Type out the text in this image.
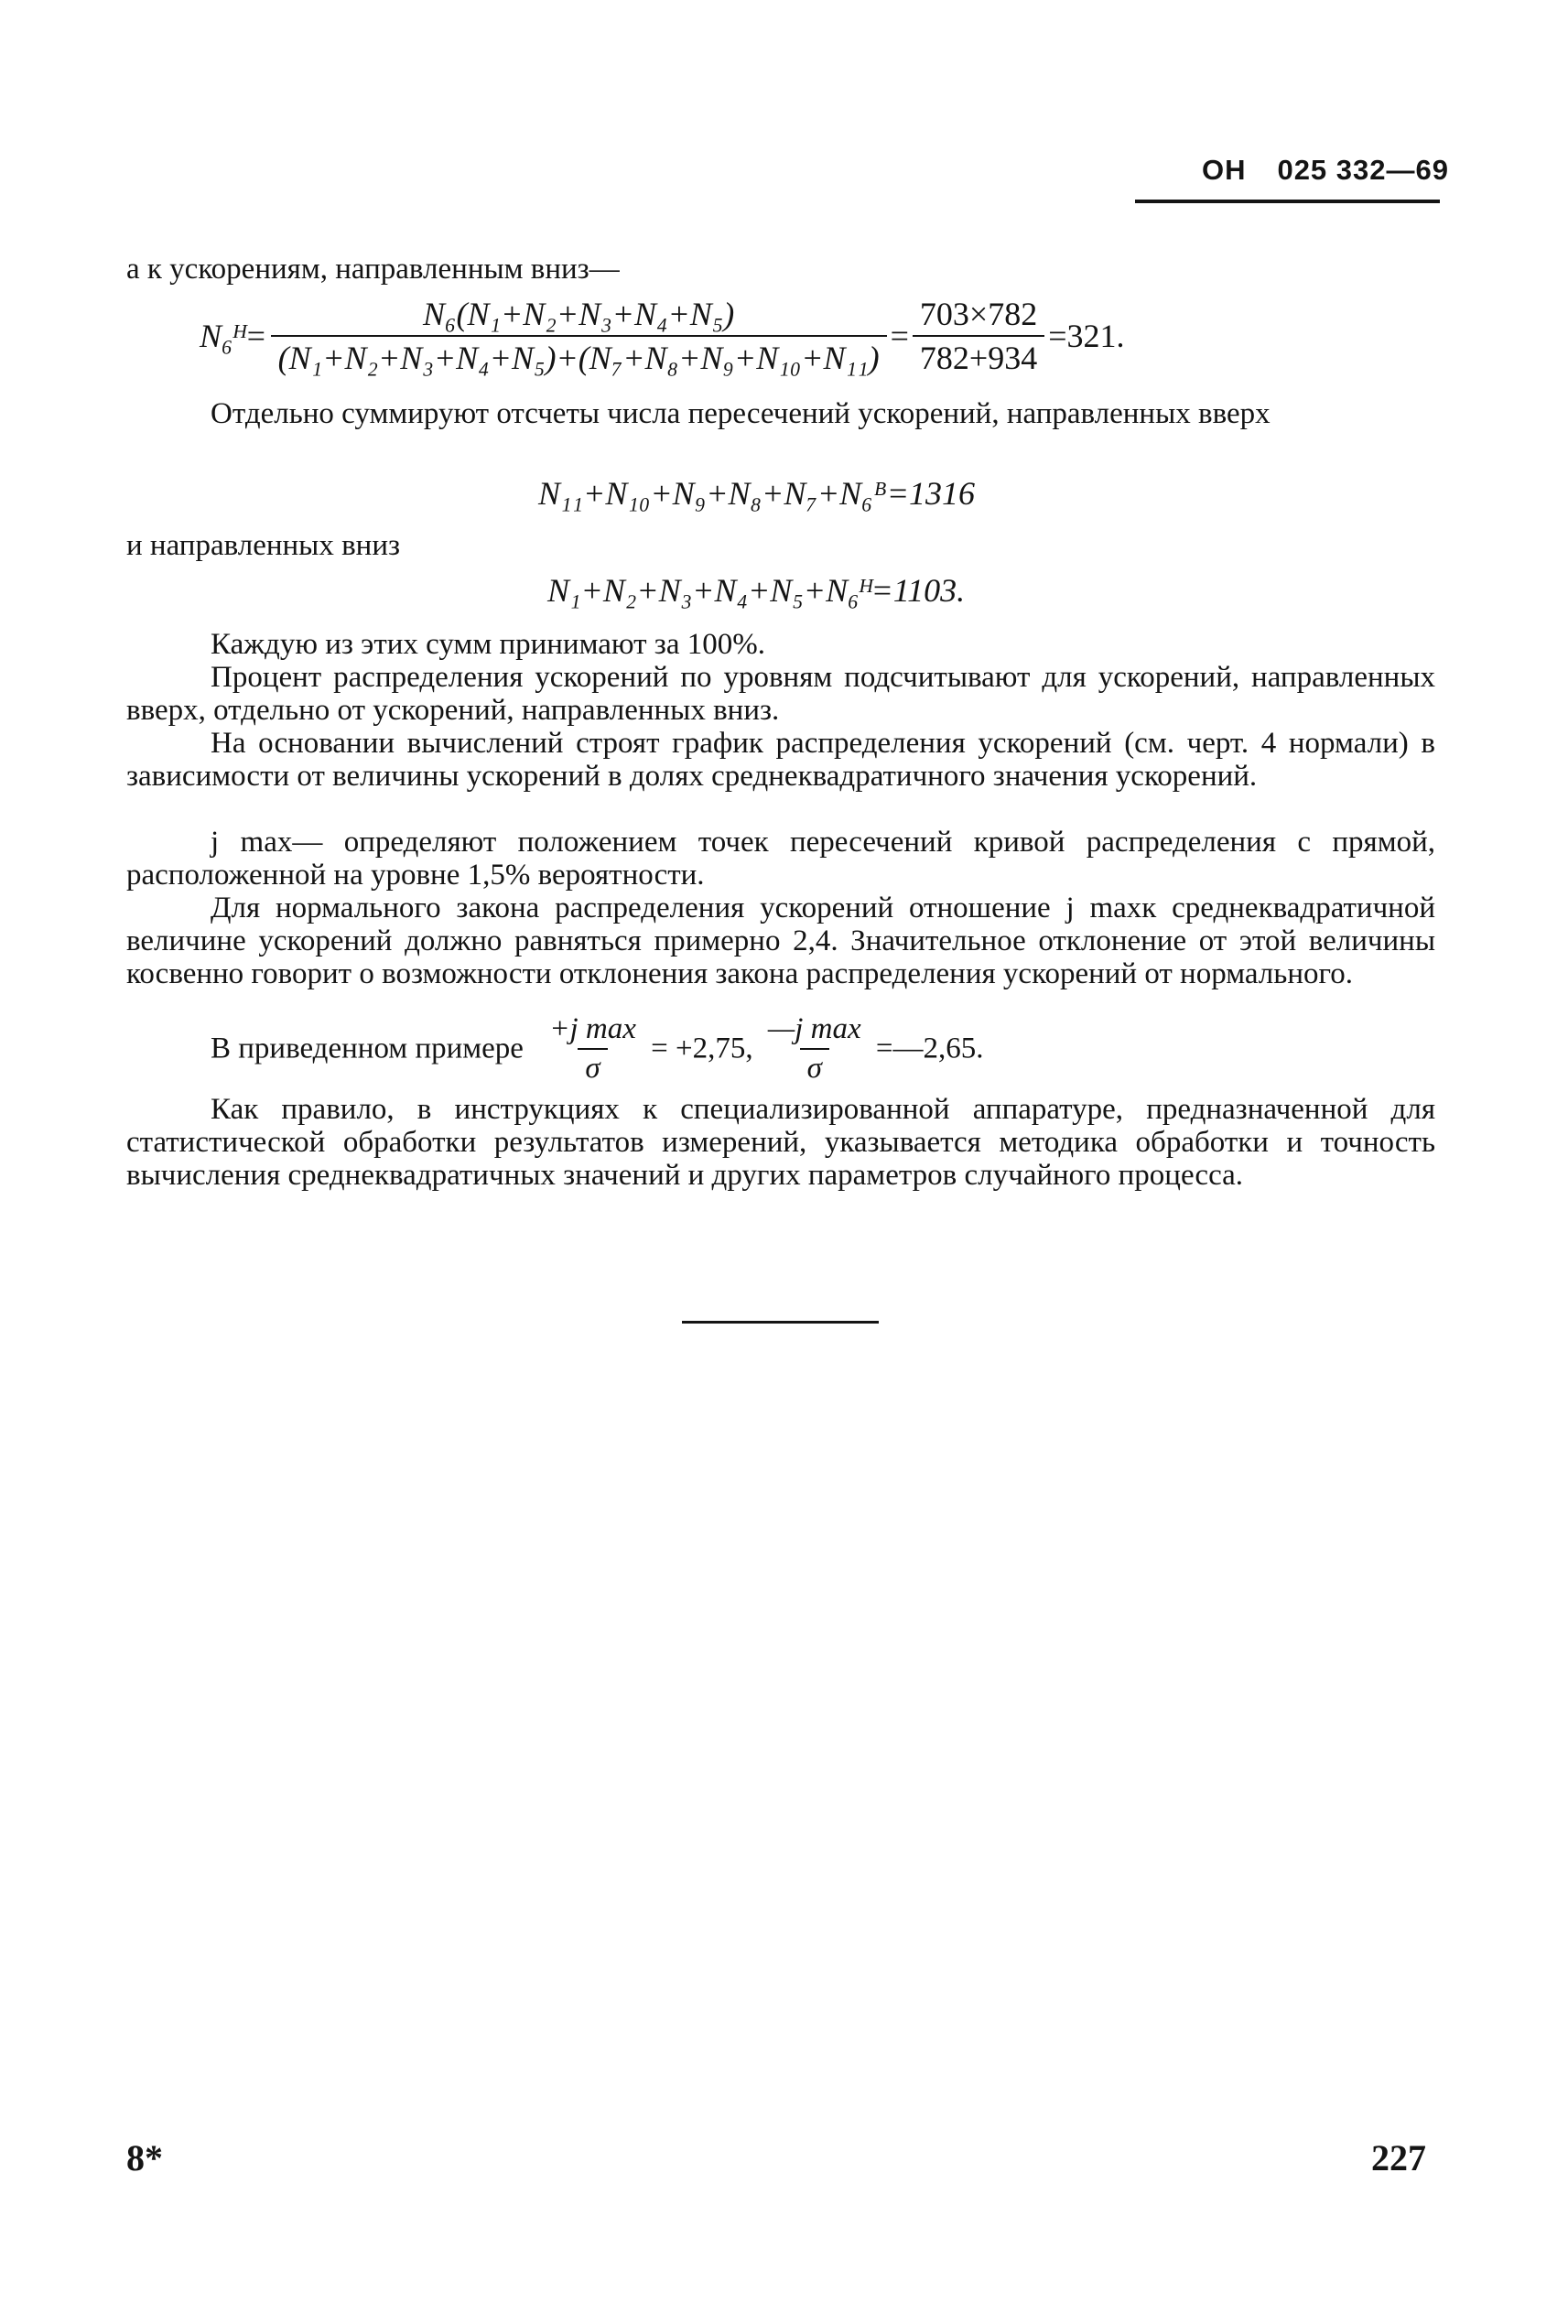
ОН 025 332—69
а к ускорениям, направленным вниз—
N₆ᴴ= $\frac{\text{N₆(N₁+N₂+N₃+N₄+N₅)}}{\text{(N₁+N₂+N₃+N₄+N₅)+(N₇+N₈+N₉+N₁₀+N₁₁)}} = \frac{703\times 782}{782+934} =321$.
Отдельно суммируют отсчеты числа пересечений ускорений, направленных вверх
N₁₁+N₁₀+N₉+N₈+N₇+N₆ᴮ=1316
и направленных вниз
N₁+N₂+N₃+N₄+N₅+N₆ᴴ=1103.
Каждую из этих сумм принимают за 100%.
Процент распределения ускорений по уровням подсчитывают для ускорений, направленных вверх, отдельно от ускорений, направленных вниз.
На основании вычислений строят график распределения ускорений (см. черт. 4 нормали) в зависимости от величины ускорений в долях среднеквадратичного значения ускорений.
j max— определяют положением точек пересечений кривой распределения с прямой, расположенной на уровне 1,5% вероятности.
Для нормального закона распределения ускорений отношение j maxк среднеквадратичной величине ускорений должно равняться примерно 2,4. Значительное отклонение от этой величины косвенно говорит о возможности отклонения закона распределения ускорений от нормального.
В приведенном примере $\frac{\text{+j max}}{\sigma} = +2,75$, $\frac{\text{—j max}}{\sigma}$ =—2,65.
Как правило, в инструкциях к специализированной аппаратуре, предназначенной для статистической обработки результатов измерений, указывается методика обработки и точность вычисления среднеквадратичных значений и других параметров случайного процесса.
8*	227
